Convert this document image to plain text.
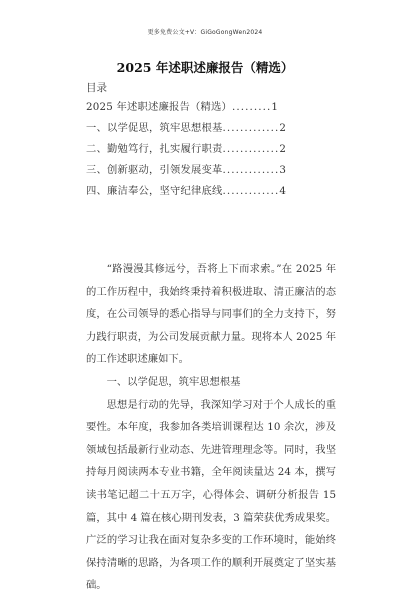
更多免费公文+V：GiGoGongWen2024
2025 年述职述廉报告（精选）
目录
2025 年述职述廉报告（精选）.........1
一、以学促思，筑牢思想根基.............2
二、勤勉笃行，扎实履行职责.............2
三、创新驱动，引领发展变革.............3
四、廉洁奉公，坚守纪律底线.............4

“路漫漫其修远兮，吾将上下而求索。”在 2025 年的工作历程中，我始终秉持着积极进取、清正廉洁的态度，在公司领导的悉心指导与同事们的全力支持下，努力践行职责，为公司发展贡献力量。现将本人 2025 年的工作述职述廉如下。

一、以学促思，筑牢思想根基

思想是行动的先导，我深知学习对于个人成长的重要性。本年度，我参加各类培训课程达 10 余次，涉及领域包括最新行业动态、先进管理理念等。同时，我坚持每月阅读两本专业书籍，全年阅读量达 24 本，撰写读书笔记超二十五万字，心得体会、调研分析报告 15 篇，其中 4 篇在核心期刊发表，3 篇荣获优秀成果奖。广泛的学习让我在面对复杂多变的工作环境时，能始终保持清晰的思路，为各项工作的顺利开展奠定了坚实基础。
